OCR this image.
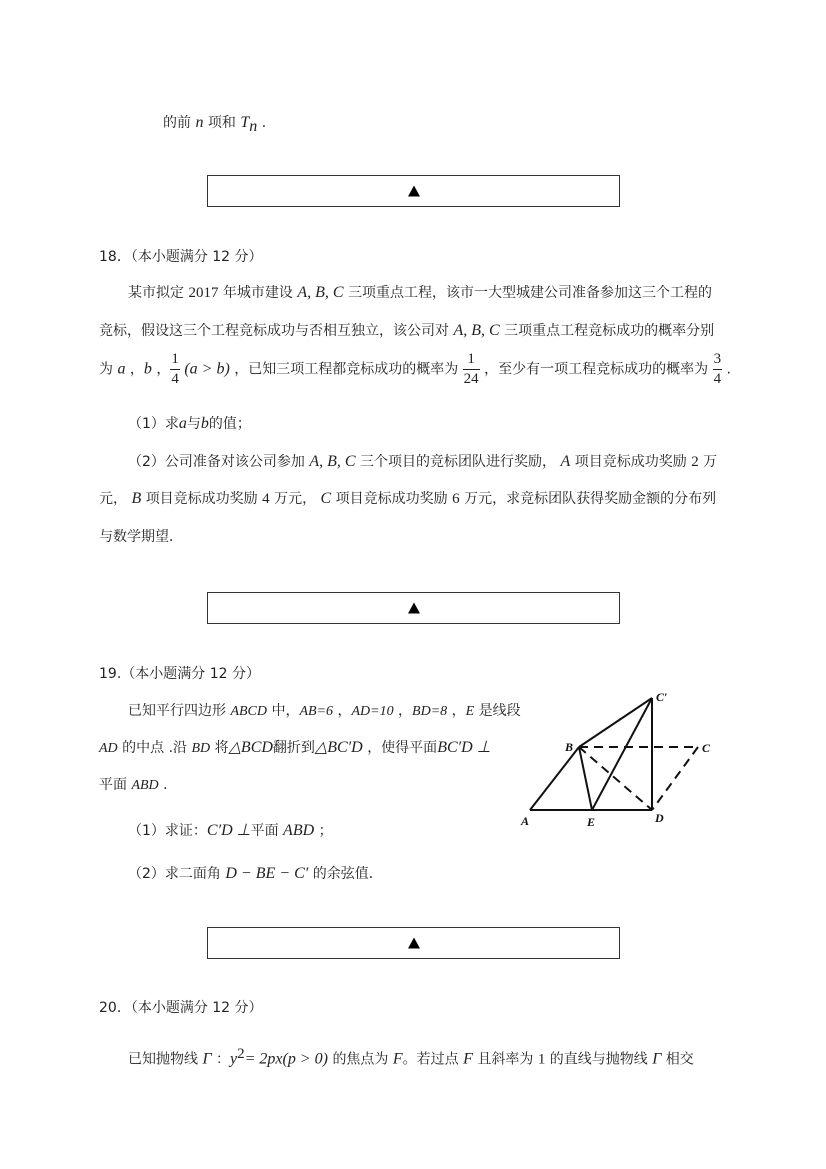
的前 n 项和 $T_n$ .
18．（本小题满分 12 分）
某市拟定 2017 年城市建设 A, B, C 三项重点工程，该市一大型城建公司准备参加这三个工程的
竞标，假设这三个工程竞标成功与否相互独立，该公司对 A, B, C 三项重点工程竞标成功的概率分别
为 a ，b ， $\frac{1}{4} (a > b)$ ，已知三项工程都竞标成功的概率为 $\frac{1}{24}$ ，至少有一项工程竞标成功的概率为 $\frac{3}{4}$ .
（1）求a与b的值；
（2）公司准备对该公司参加 A, B, C 三个项目的竞标团队进行奖励， A 项目竞标成功奖励 2 万
元， B 项目竞标成功奖励 4 万元， C 项目竞标成功奖励 6 万元，求竞标团队获得奖励金额的分布列
与数学期望．
19.（本小题满分 12 分）
已知平行四边形 ABCD 中，AB=6 ，AD=10 ，BD=8 ，E 是线段
AD 的中点 .沿 BD 将△BCD翻折到△BC′D ，使得平面BC′D ⊥
平面 ABD .
（1）求证：C′D ⊥平面 ABD ；
（2）求二面角 D − BE − C′ 的余弦值．
A
B	C
C′
D
E
20．（本小题满分 12 分）
已知抛物线 Γ ：$y^2= 2px(p > 0)$ 的焦点为 F。若过点 F 且斜率为 1 的直线与抛物线 Γ 相交
